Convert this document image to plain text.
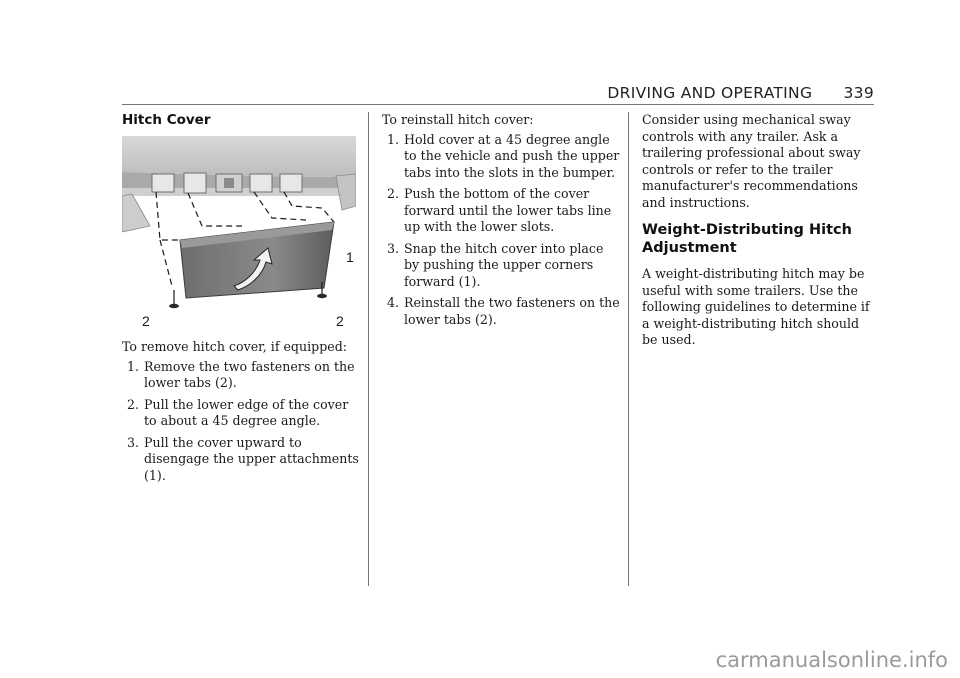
DRIVING AND OPERATING 339
Hitch Cover
1
2	2

To remove hitch cover, if equipped:

1. Remove the two fasteners on the lower tabs (2).
2. Pull the lower edge of the cover to about a 45 degree angle.
3. Pull the cover upward to disengage the upper attachments (1).

To reinstall hitch cover:

1. Hold cover at a 45 degree angle to the vehicle and push the upper tabs into the slots in the bumper.
2. Push the bottom of the cover forward until the lower tabs line up with the lower slots.
3. Snap the hitch cover into place by pushing the upper corners forward (1).
4. Reinstall the two fasteners on the lower tabs (2).

Consider using mechanical sway controls with any trailer. Ask a trailering professional about sway controls or refer to the trailer manufacturer's recommendations and instructions.

Weight-Distributing Hitch Adjustment

A weight-distributing hitch may be useful with some trailers. Use the following guidelines to determine if a weight-distributing hitch should be used.

carmanualsonline.info
